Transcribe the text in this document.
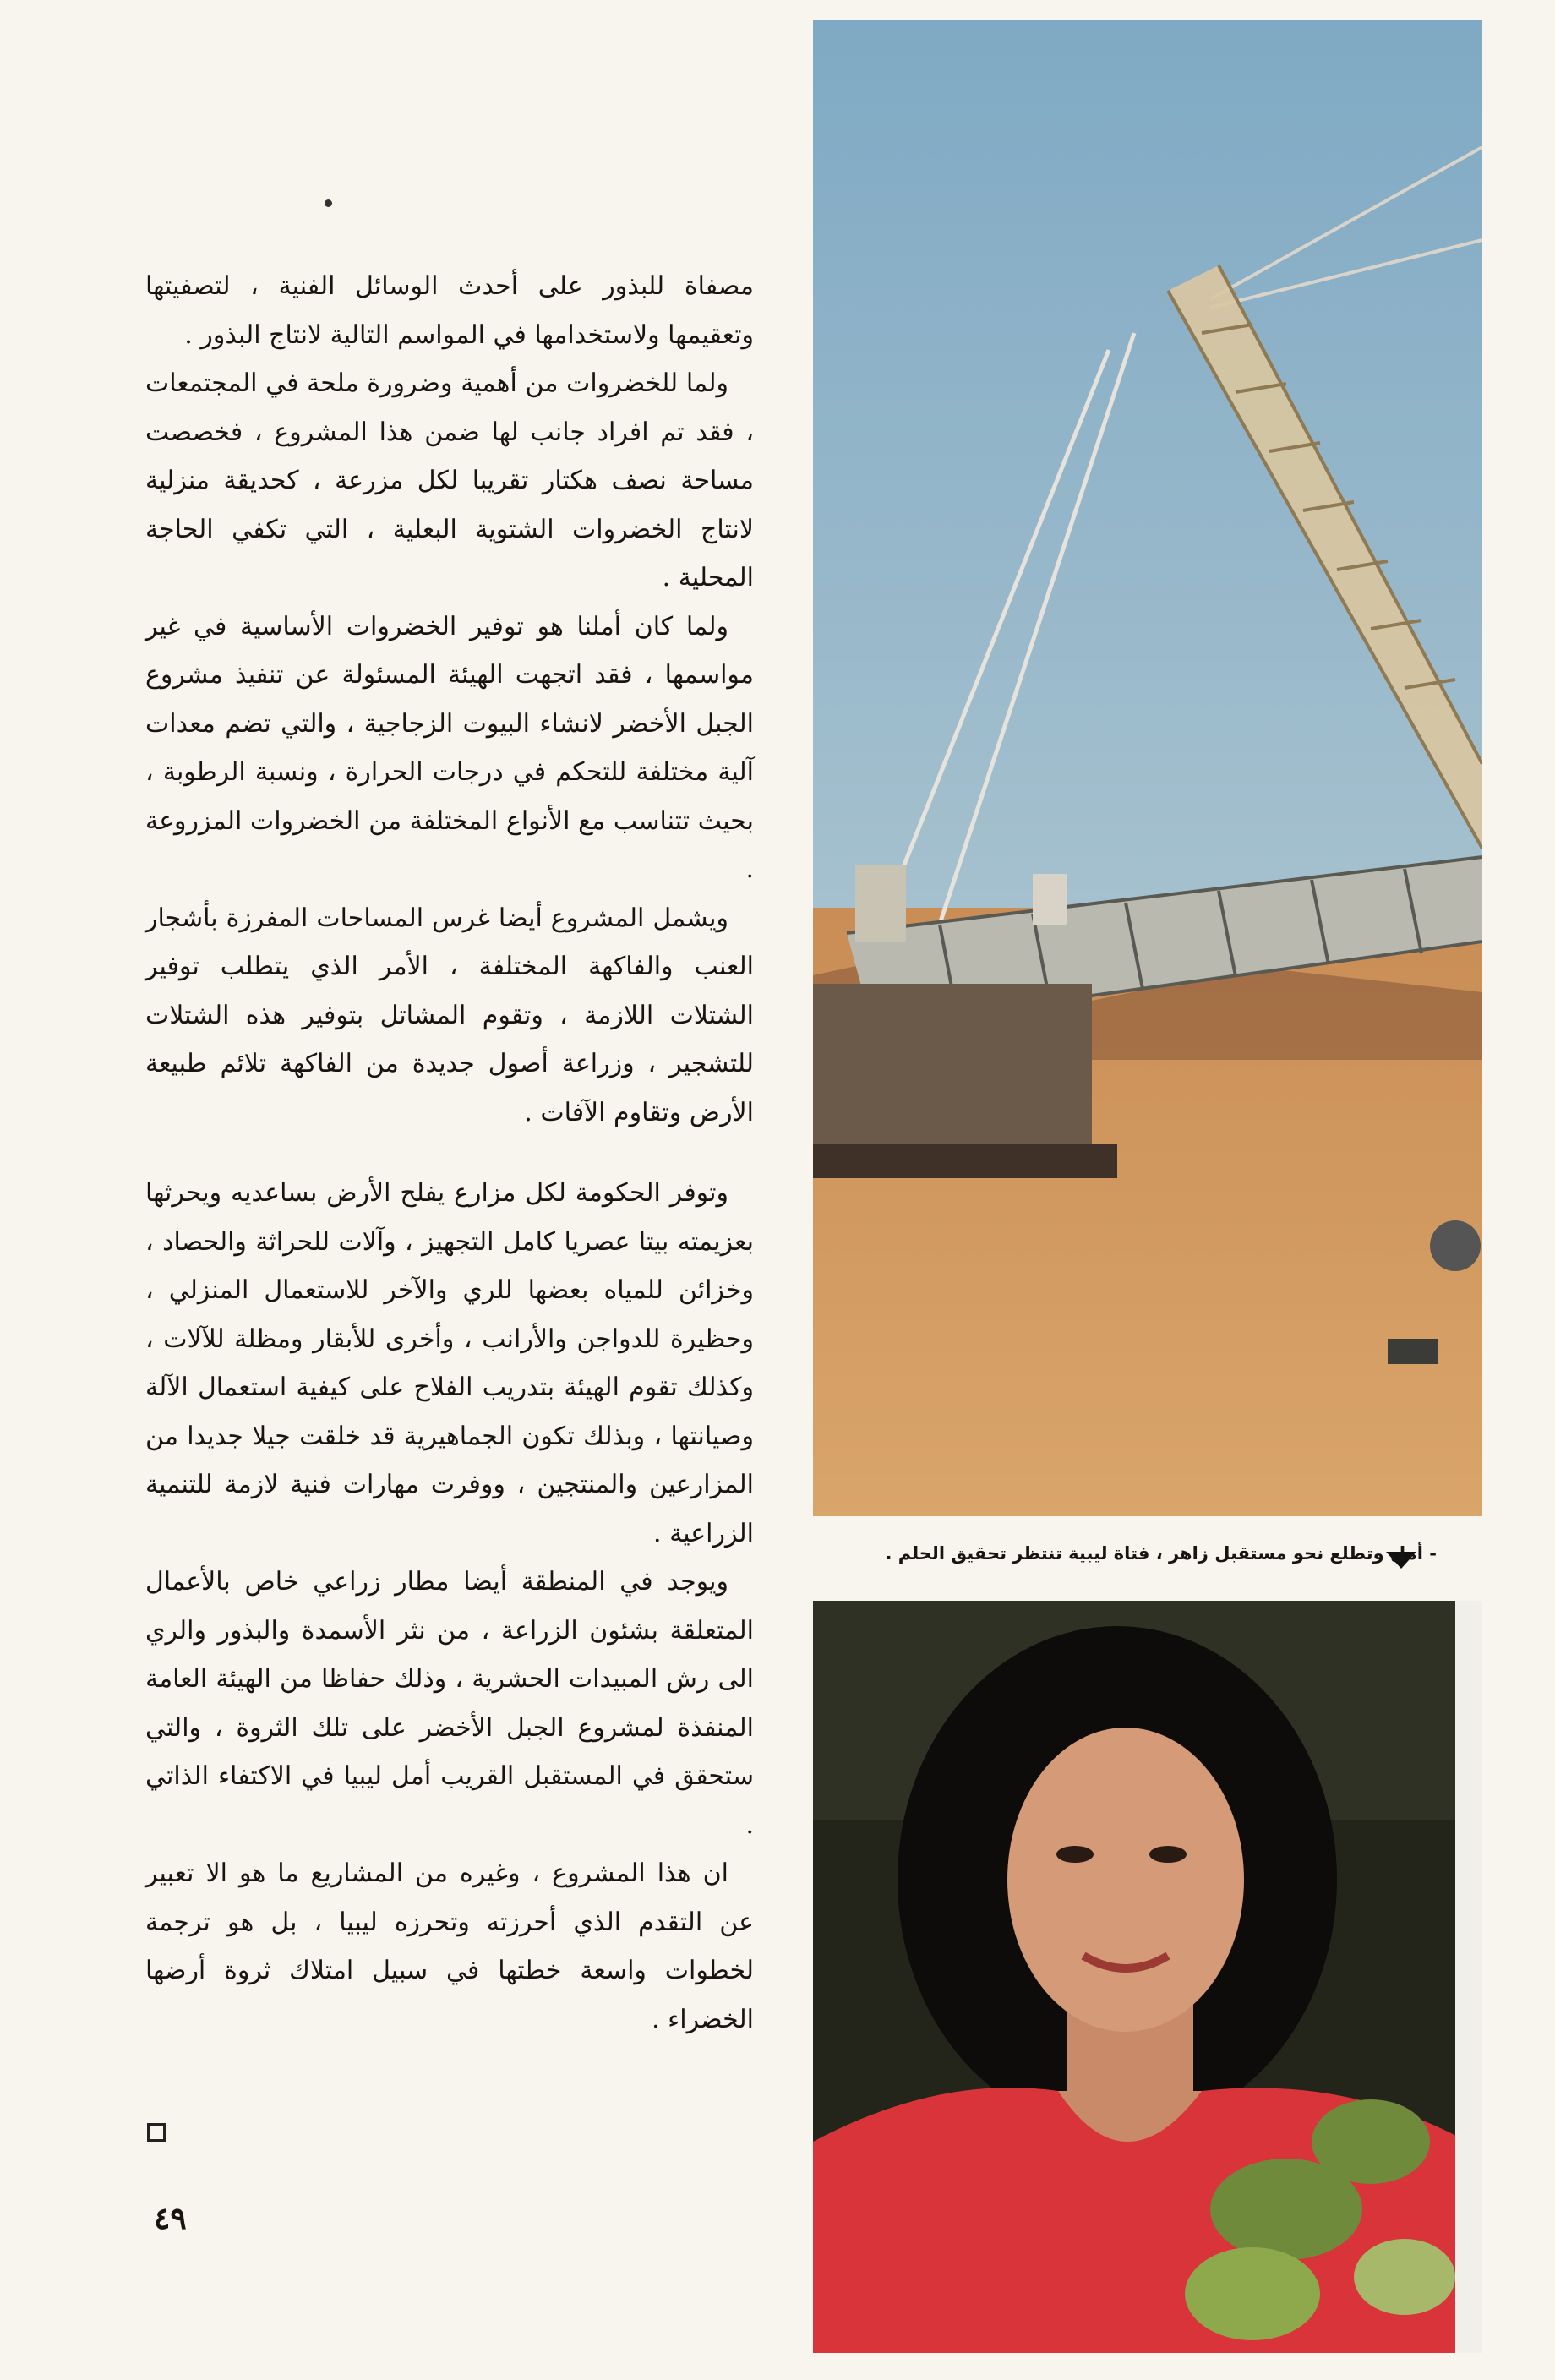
مصفاة للبذور على أحدث الوسائل الفنية ، لتصفيتها وتعقيمها ولاستخدامها في المواسم التالية لانتاج البذور .

ولما للخضروات من أهمية وضرورة ملحة في المجتمعات ، فقد تم افراد جانب لها ضمن هذا المشروع ، فخصصت مساحة نصف هكتار تقريبا لكل مزرعة ، كحديقة منزلية لانتاج الخضروات الشتوية البعلية ، التي تكفي الحاجة المحلية .

ولما كان أملنا هو توفير الخضروات الأساسية في غير مواسمها ، فقد اتجهت الهيئة المسئولة عن تنفيذ مشروع الجبل الأخضر لانشاء البيوت الزجاجية ، والتي تضم معدات آلية مختلفة للتحكم في درجات الحرارة ، ونسبة الرطوبة ، بحيث تتناسب مع الأنواع المختلفة من الخضروات المزروعة .

ويشمل المشروع أيضا غرس المساحات المفرزة بأشجار العنب والفاكهة المختلفة ، الأمر الذي يتطلب توفير الشتلات اللازمة ، وتقوم المشاتل بتوفير هذه الشتلات للتشجير ، وزراعة أصول جديدة من الفاكهة تلائم طبيعة الأرض وتقاوم الآفات .

وتوفر الحكومة لكل مزارع يفلح الأرض بساعديه ويحرثها بعزيمته بيتا عصريا كامل التجهيز ، وآلات للحراثة والحصاد ، وخزائن للمياه بعضها للري والآخر للاستعمال المنزلي ، وحظيرة للدواجن والأرانب ، وأخرى للأبقار ومظلة للآلات ، وكذلك تقوم الهيئة بتدريب الفلاح على كيفية استعمال الآلة وصيانتها ، وبذلك تكون الجماهيرية قد خلقت جيلا جديدا من المزارعين والمنتجين ، ووفرت مهارات فنية لازمة للتنمية الزراعية .

ويوجد في المنطقة أيضا مطار زراعي خاص بالأعمال المتعلقة بشئون الزراعة ، من نثر الأسمدة والبذور والري الى رش المبيدات الحشرية ، وذلك حفاظا من الهيئة العامة المنفذة لمشروع الجبل الأخضر على تلك الثروة ، والتي ستحقق في المستقبل القريب أمل ليبيا في الاكتفاء الذاتي .

ان هذا المشروع ، وغيره من المشاريع ما هو الا تعبير عن التقدم الذي أحرزته وتحرزه ليبيا ، بل هو ترجمة لخطوات واسعة خطتها في سبيل امتلاك ثروة أرضها الخضراء .

٤٩
- أمل وتطلع نحو مستقبل زاهر ، فتاة ليبية تنتظر تحقيق الحلم .
